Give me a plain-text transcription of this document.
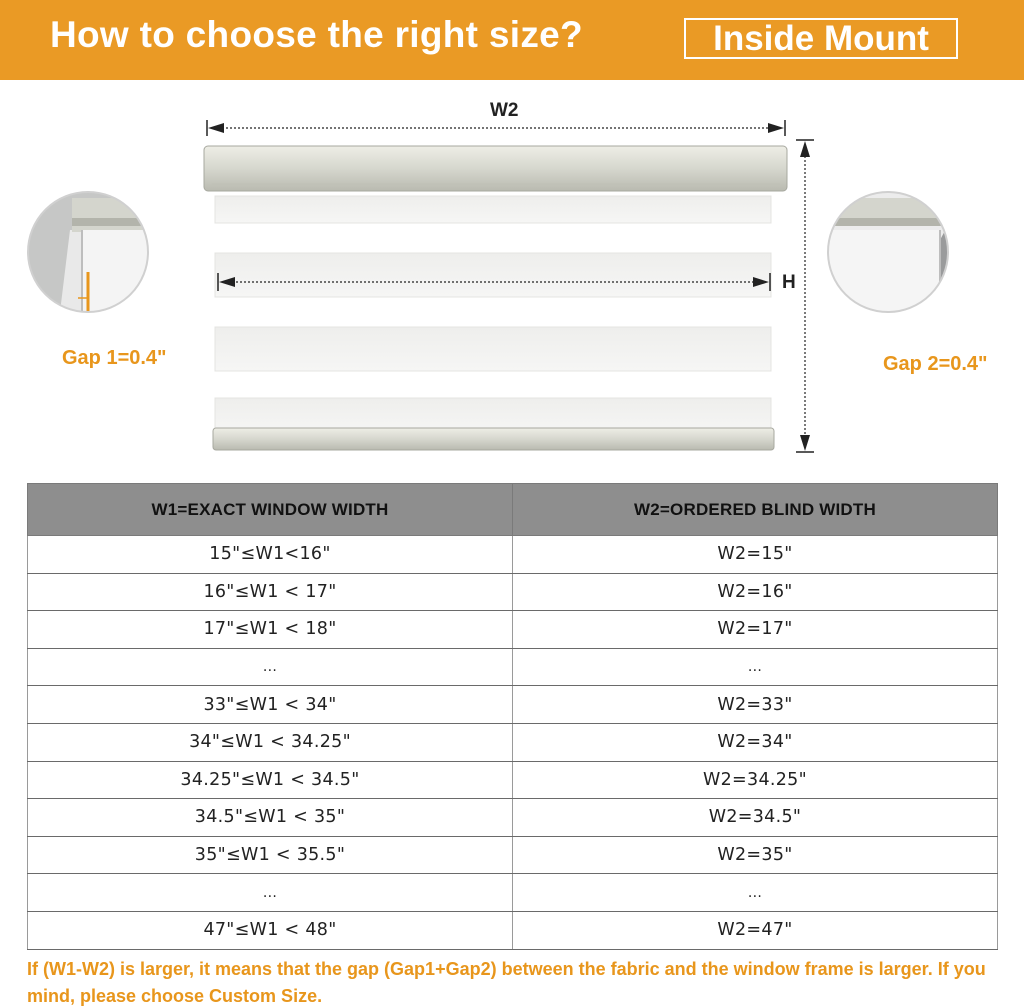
How to choose the right size?	Inside Mount
W2
H
Gap 1=0.4"	Gap 2=0.4"
W1=EXACT WINDOW WIDTH	W2=ORDERED BLIND WIDTH
15"≤W1<16"	W2=15"
16"≤W1 < 17"	W2=16"
17"≤W1 < 18"	W2=17"
...	...
33"≤W1 < 34"	W2=33"
34"≤W1 < 34.25"	W2=34"
34.25"≤W1 < 34.5"	W2=34.25"
34.5"≤W1 < 35"	W2=34.5"
35"≤W1 < 35.5"	W2=35"
...	...
47"≤W1 < 48"	W2=47"
If (W1-W2) is larger, it means that the gap (Gap1+Gap2) between the fabric and the window frame is larger. If you mind, please choose Custom Size.
